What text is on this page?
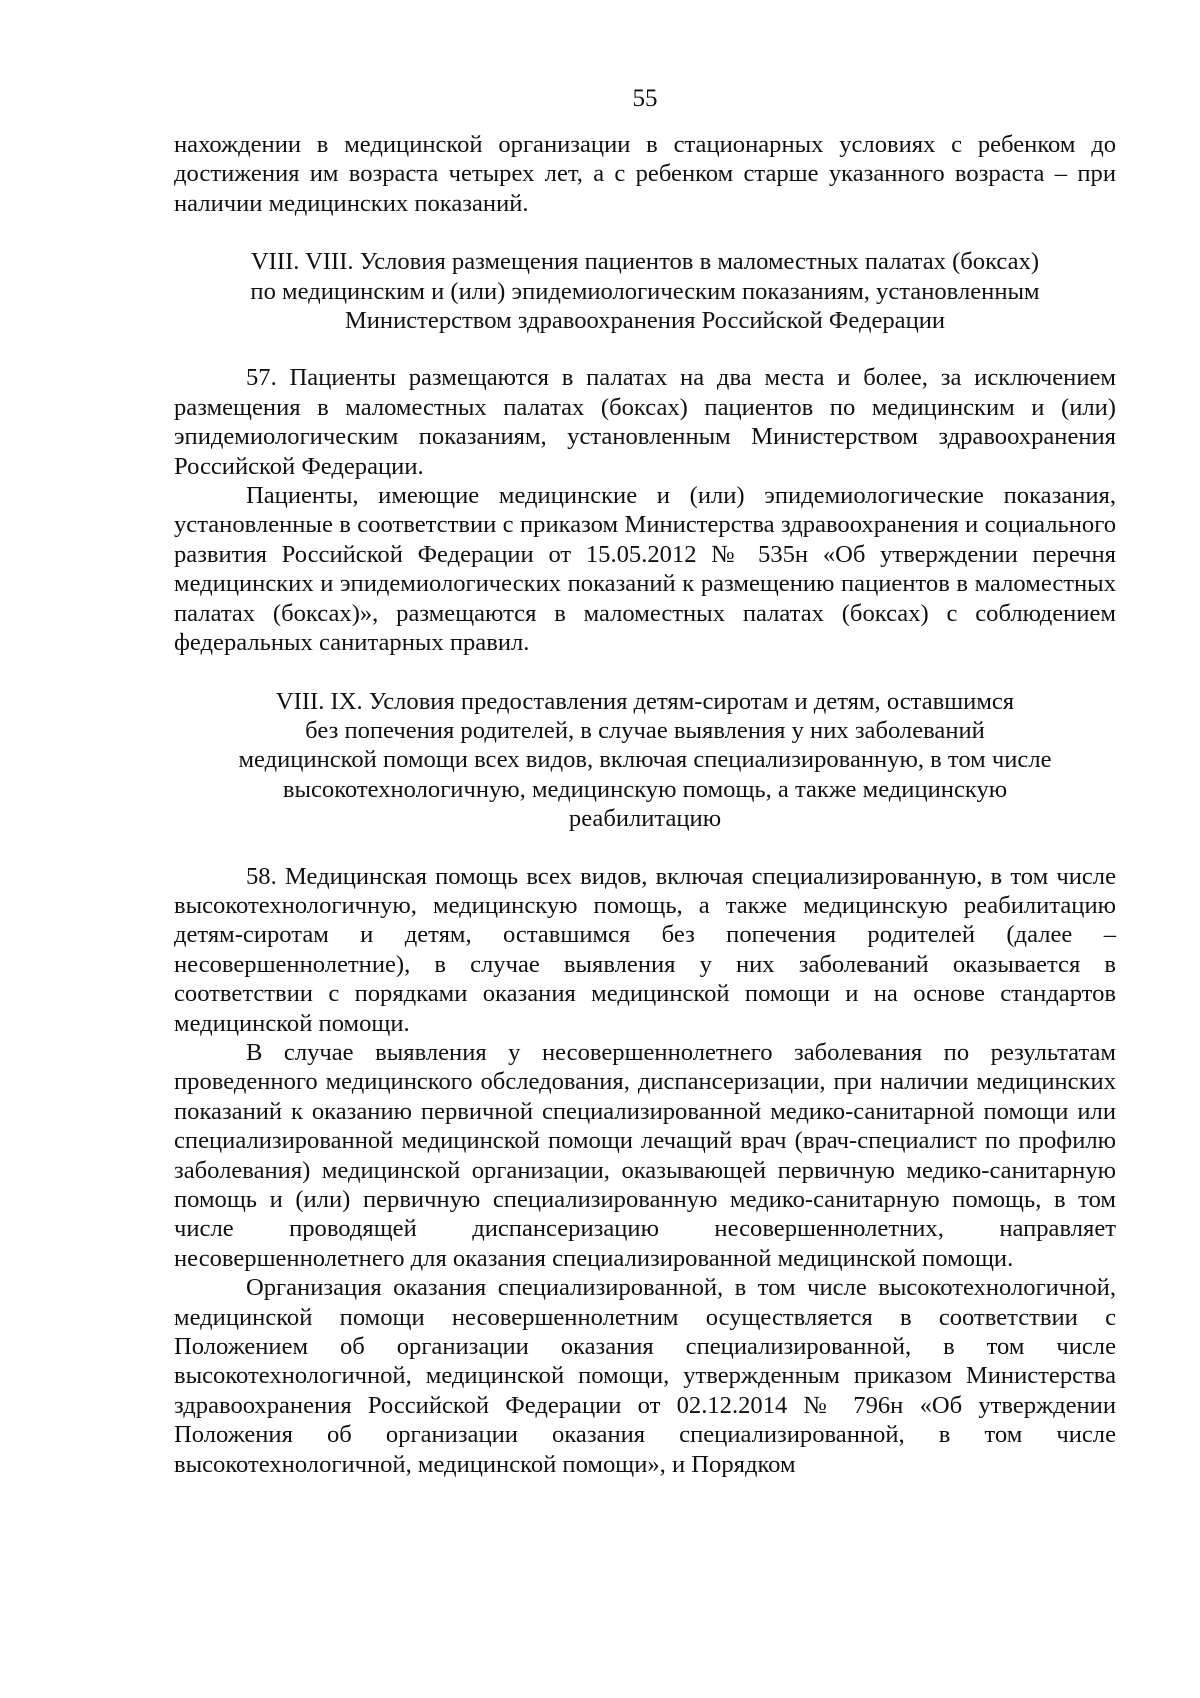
55

нахождении в медицинской организации в стационарных условиях с ребенком до достижения им возраста четырех лет, а с ребенком старше указанного возраста – при наличии медицинских показаний.

VIII. VIII. Условия размещения пациентов в маломестных палатах (боксах)
по медицинским и (или) эпидемиологическим показаниям, установленным
Министерством здравоохранения Российской Федерации

57. Пациенты размещаются в палатах на два места и более, за исключением размещения в маломестных палатах (боксах) пациентов по медицинским и (или) эпидемиологическим показаниям, установленным Министерством здравоохранения Российской Федерации.

Пациенты, имеющие медицинские и (или) эпидемиологические показания, установленные в соответствии с приказом Министерства здравоохранения и социального развития Российской Федерации от 15.05.2012 № 535н «Об утверждении перечня медицинских и эпидемиологических показаний к размещению пациентов в маломестных палатах (боксах)», размещаются в маломестных палатах (боксах) с соблюдением федеральных санитарных правил.

VIII. IX. Условия предоставления детям-сиротам и детям, оставшимся
без попечения родителей, в случае выявления у них заболеваний
медицинской помощи всех видов, включая специализированную, в том числе
высокотехнологичную, медицинскую помощь, а также медицинскую
реабилитацию

58. Медицинская помощь всех видов, включая специализированную, в том числе высокотехнологичную, медицинскую помощь, а также медицинскую реабилитацию детям-сиротам и детям, оставшимся без попечения родителей (далее – несовершеннолетние), в случае выявления у них заболеваний оказывается в соответствии с порядками оказания медицинской помощи и на основе стандартов медицинской помощи.

В случае выявления у несовершеннолетнего заболевания по результатам проведенного медицинского обследования, диспансеризации, при наличии медицинских показаний к оказанию первичной специализированной медико-санитарной помощи или специализированной медицинской помощи лечащий врач (врач-специалист по профилю заболевания) медицинской организации, оказывающей первичную медико-санитарную помощь и (или) первичную специализированную медико-санитарную помощь, в том числе проводящей диспансеризацию несовершеннолетних, направляет несовершеннолетнего для оказания специализированной медицинской помощи.

Организация оказания специализированной, в том числе высокотехнологичной, медицинской помощи несовершеннолетним осуществляется в соответствии с Положением об организации оказания специализированной, в том числе высокотехнологичной, медицинской помощи, утвержденным приказом Министерства здравоохранения Российской Федерации от 02.12.2014 № 796н «Об утверждении Положения об организации оказания специализированной, в том числе высокотехнологичной, медицинской помощи», и Порядком
